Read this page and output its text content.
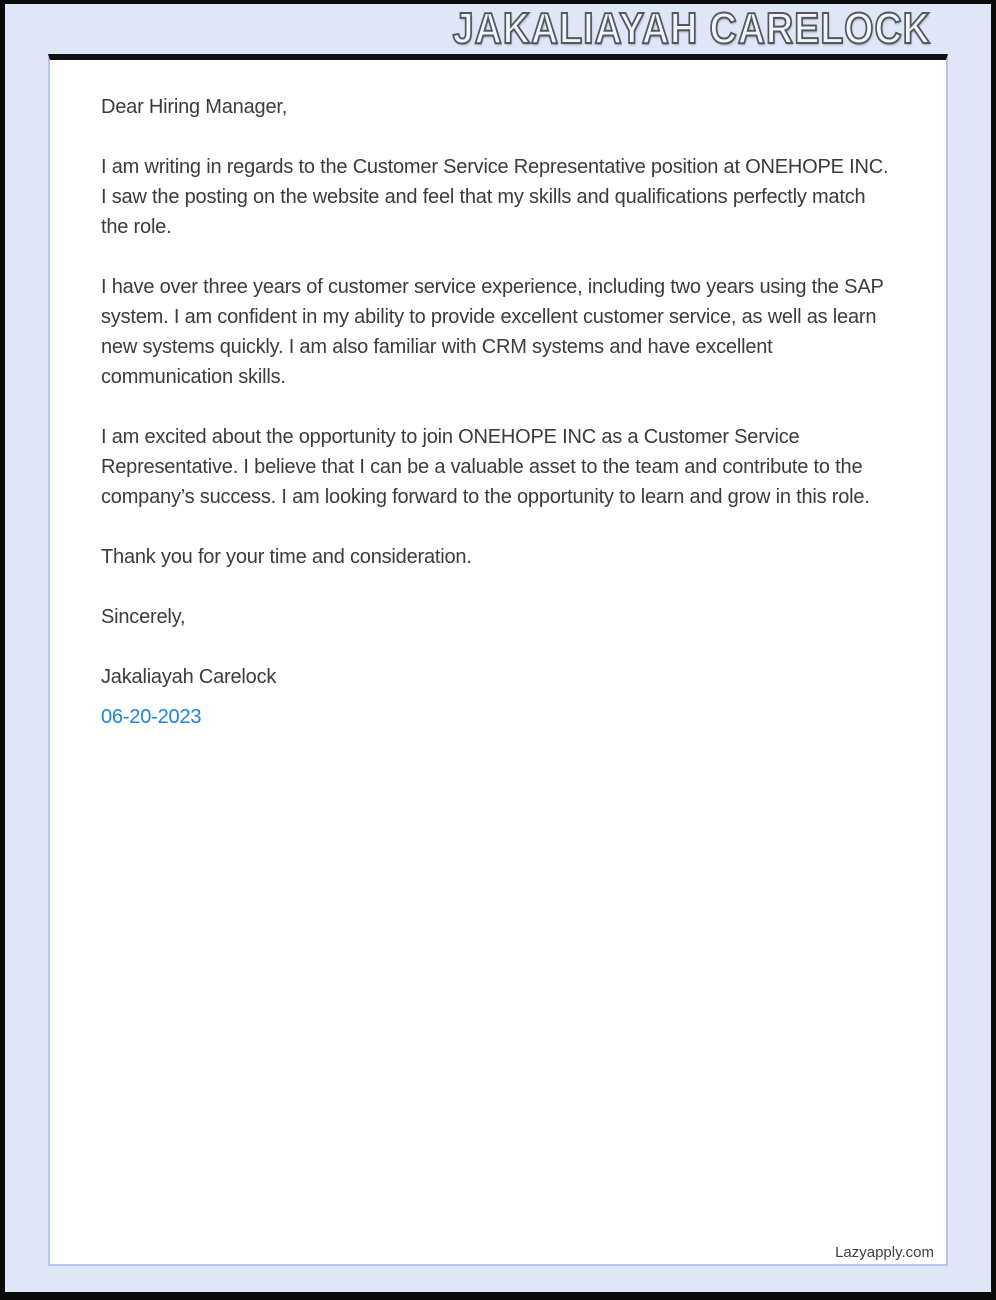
JAKALIAYAH CARELOCK

Dear Hiring Manager,

I am writing in regards to the Customer Service Representative position at ONEHOPE INC. I saw the posting on the website and feel that my skills and qualifications perfectly match the role.

I have over three years of customer service experience, including two years using the SAP system. I am confident in my ability to provide excellent customer service, as well as learn new systems quickly. I am also familiar with CRM systems and have excellent communication skills.

I am excited about the opportunity to join ONEHOPE INC as a Customer Service Representative. I believe that I can be a valuable asset to the team and contribute to the company’s success. I am looking forward to the opportunity to learn and grow in this role.

Thank you for your time and consideration.

Sincerely,

Jakaliayah Carelock

06-20-2023

Lazyapply.com
